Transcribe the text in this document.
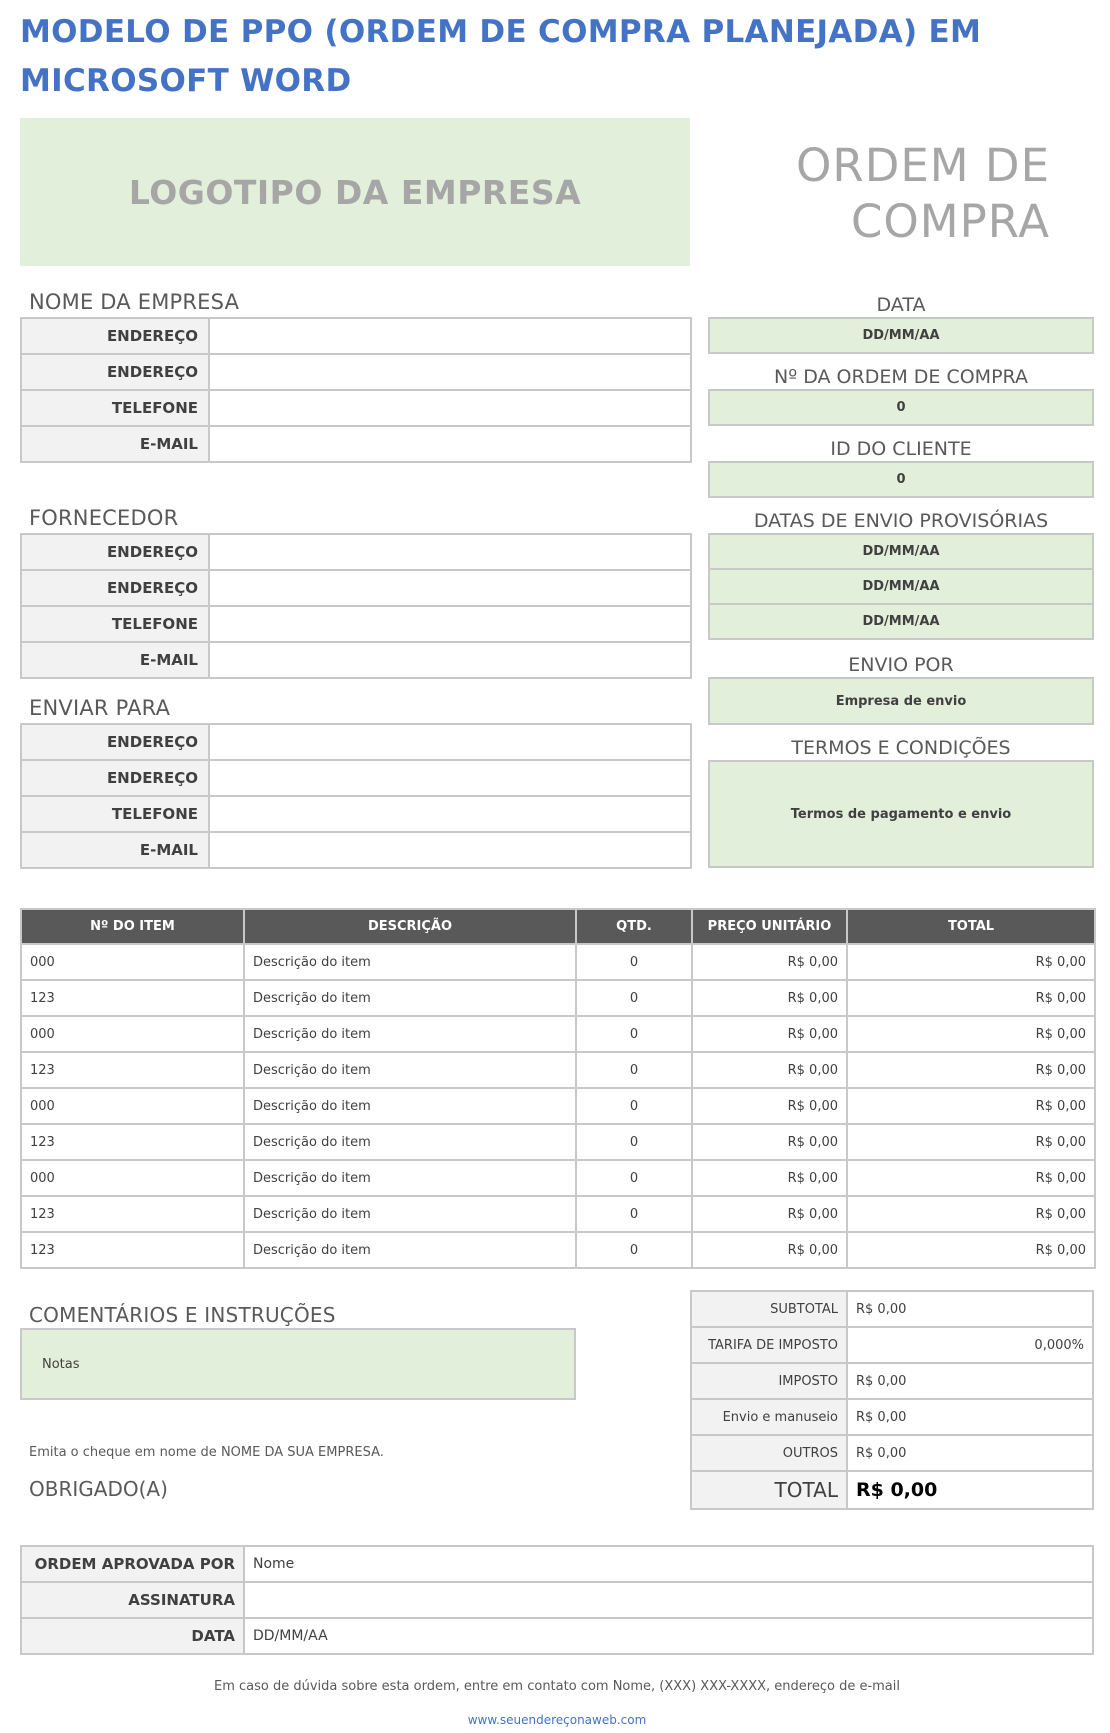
MODELO DE PPO (ORDEM DE COMPRA PLANEJADA) EM MICROSOFT WORD
LOGOTIPO DA EMPRESA	ORDEM DE
COMPRA
NOME DA EMPRESA
ENDEREÇO	
ENDEREÇO	
TELEFONE	
E-MAIL	
FORNECEDOR
ENDEREÇO	
ENDEREÇO	
TELEFONE	
E-MAIL	
ENVIAR PARA
ENDEREÇO	
ENDEREÇO	
TELEFONE	
E-MAIL	
DATA
DD/MM/AA
Nº DA ORDEM DE COMPRA
0
ID DO CLIENTE
0
DATAS DE ENVIO PROVISÓRIAS
DD/MM/AA
DD/MM/AA
DD/MM/AA
ENVIO POR
Empresa de envio
TERMOS E CONDIÇÕES
Termos de pagamento e envio
Nº DO ITEM	DESCRIÇÃO	QTD.	PREÇO UNITÁRIO	TOTAL
000	Descrição do item	0	R$ 0,00	R$ 0,00
123	Descrição do item	0	R$ 0,00	R$ 0,00
000	Descrição do item	0	R$ 0,00	R$ 0,00
123	Descrição do item	0	R$ 0,00	R$ 0,00
000	Descrição do item	0	R$ 0,00	R$ 0,00
123	Descrição do item	0	R$ 0,00	R$ 0,00
000	Descrição do item	0	R$ 0,00	R$ 0,00
123	Descrição do item	0	R$ 0,00	R$ 0,00
123	Descrição do item	0	R$ 0,00	R$ 0,00
COMENTÁRIOS E INSTRUÇÕES
Notas
SUBTOTAL	R$ 0,00
TARIFA DE IMPOSTO	0,000%
IMPOSTO	R$ 0,00
Envio e manuseio	R$ 0,00
OUTROS	R$ 0,00
TOTAL	R$ 0,00
Emita o cheque em nome de NOME DA SUA EMPRESA.
OBRIGADO(A)
ORDEM APROVADA POR	Nome
ASSINATURA	
DATA	DD/MM/AA
Em caso de dúvida sobre esta ordem, entre em contato com Nome, (XXX) XXX-XXXX, endereço de e-mail
www.seuendereçonaweb.com
